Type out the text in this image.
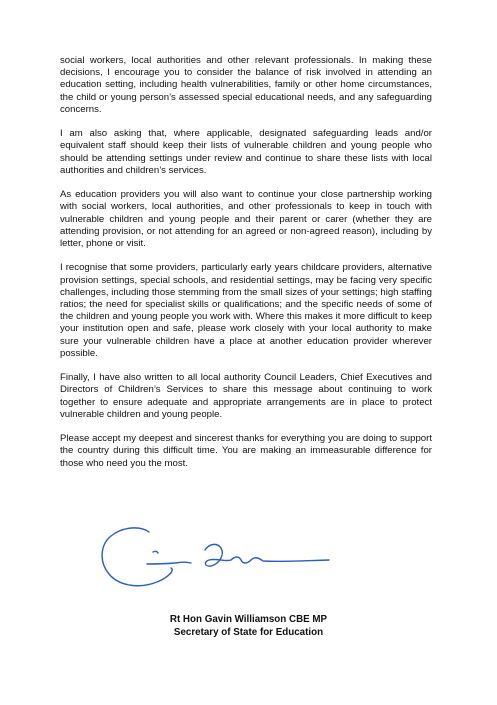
social workers, local authorities and other relevant professionals. In making these decisions, I encourage you to consider the balance of risk involved in attending an education setting, including health vulnerabilities, family or other home circumstances, the child or young person’s assessed special educational needs, and any safeguarding concerns.

I am also asking that, where applicable, designated safeguarding leads and/or equivalent staff should keep their lists of vulnerable children and young people who should be attending settings under review and continue to share these lists with local authorities and children’s services.

As education providers you will also want to continue your close partnership working with social workers, local authorities, and other professionals to keep in touch with vulnerable children and young people and their parent or carer (whether they are attending provision, or not attending for an agreed or non-agreed reason), including by letter, phone or visit.

I recognise that some providers, particularly early years childcare providers, alternative provision settings, special schools, and residential settings, may be facing very specific challenges, including those stemming from the small sizes of your settings; high staffing ratios; the need for specialist skills or qualifications; and the specific needs of some of the children and young people you work with. Where this makes it more difficult to keep your institution open and safe, please work closely with your local authority to make sure your vulnerable children have a place at another education provider wherever possible.

Finally, I have also written to all local authority Council Leaders, Chief Executives and Directors of Children’s Services to share this message about continuing to work together to ensure adequate and appropriate arrangements are in place to protect vulnerable children and young people.

Please accept my deepest and sincerest thanks for everything you are doing to support the country during this difficult time. You are making an immeasurable difference for those who need you the most.

Rt Hon Gavin Williamson CBE MP
Secretary of State for Education
